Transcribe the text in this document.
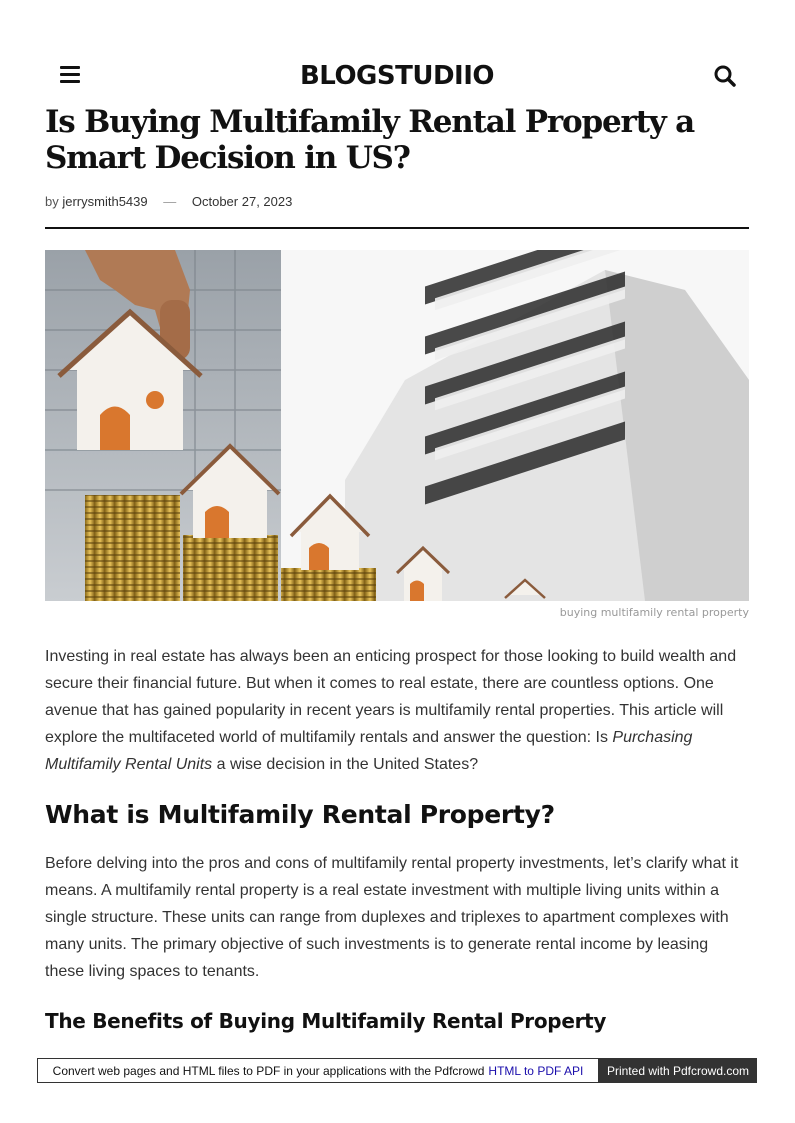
BLOGSTUDIIO
Is Buying Multifamily Rental Property a Smart Decision in US?
by jerrysmith5439 — October 27, 2023
buying multifamily rental property

Investing in real estate has always been an enticing prospect for those looking to build wealth and secure their financial future. But when it comes to real estate, there are countless options. One avenue that has gained popularity in recent years is multifamily rental properties. This article will explore the multifaceted world of multifamily rentals and answer the question: Is Purchasing Multifamily Rental Units a wise decision in the United States?

What is Multifamily Rental Property?

Before delving into the pros and cons of multifamily rental property investments, let’s clarify what it means. A multifamily rental property is a real estate investment with multiple living units within a single structure. These units can range from duplexes and triplexes to apartment complexes with many units. The primary objective of such investments is to generate rental income by leasing these living spaces to tenants.

The Benefits of Buying Multifamily Rental Property
Convert web pages and HTML files to PDF in your applications with the Pdfcrowd HTML to PDF API	Printed with Pdfcrowd.com
